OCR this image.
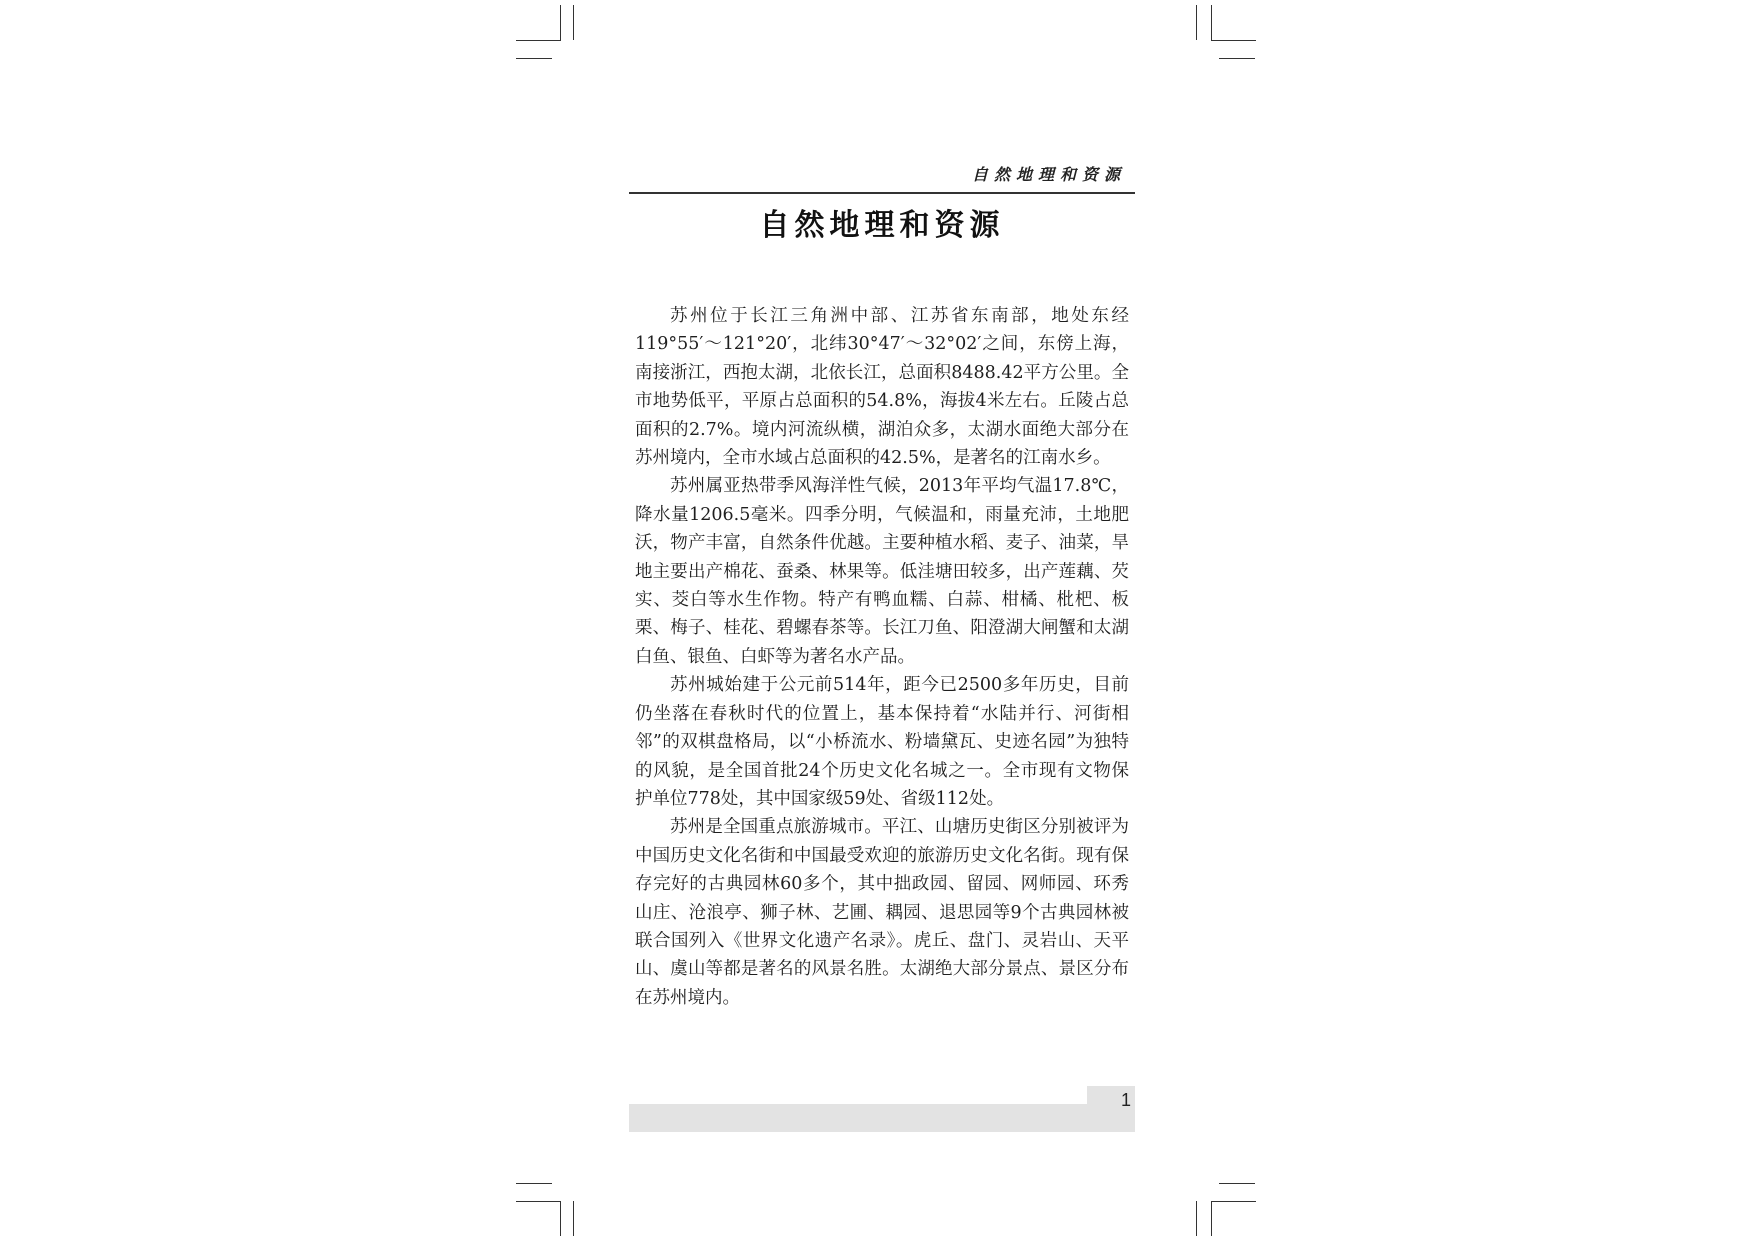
自然地理和资源
自然地理和资源

苏州位于长江三角洲中部、江苏省东南部，地处东经119°55′～121°20′，北纬30°47′～32°02′之间，东傍上海，南接浙江，西抱太湖，北依长江，总面积8488.42平方公里。全市地势低平，平原占总面积的54.8%，海拔4米左右。丘陵占总面积的2.7%。境内河流纵横，湖泊众多，太湖水面绝大部分在苏州境内，全市水域占总面积的42.5%，是著名的江南水乡。

苏州属亚热带季风海洋性气候，2013年平均气温17.8℃，降水量1206.5毫米。四季分明，气候温和，雨量充沛，土地肥沃，物产丰富，自然条件优越。主要种植水稻、麦子、油菜，旱地主要出产棉花、蚕桑、林果等。低洼塘田较多，出产莲藕、芡实、茭白等水生作物。特产有鸭血糯、白蒜、柑橘、枇杷、板栗、梅子、桂花、碧螺春茶等。长江刀鱼、阳澄湖大闸蟹和太湖白鱼、银鱼、白虾等为著名水产品。

苏州城始建于公元前514年，距今已2500多年历史，目前仍坐落在春秋时代的位置上，基本保持着“水陆并行、河街相邻”的双棋盘格局，以“小桥流水、粉墙黛瓦、史迹名园”为独特的风貌，是全国首批24个历史文化名城之一。全市现有文物保护单位778处，其中国家级59处、省级112处。

苏州是全国重点旅游城市。平江、山塘历史街区分别被评为中国历史文化名街和中国最受欢迎的旅游历史文化名街。现有保存完好的古典园林60多个，其中拙政园、留园、网师园、环秀山庄、沧浪亭、狮子林、艺圃、耦园、退思园等9个古典园林被联合国列入《世界文化遗产名录》。虎丘、盘门、灵岩山、天平山、虞山等都是著名的风景名胜。太湖绝大部分景点、景区分布在苏州境内。

1
